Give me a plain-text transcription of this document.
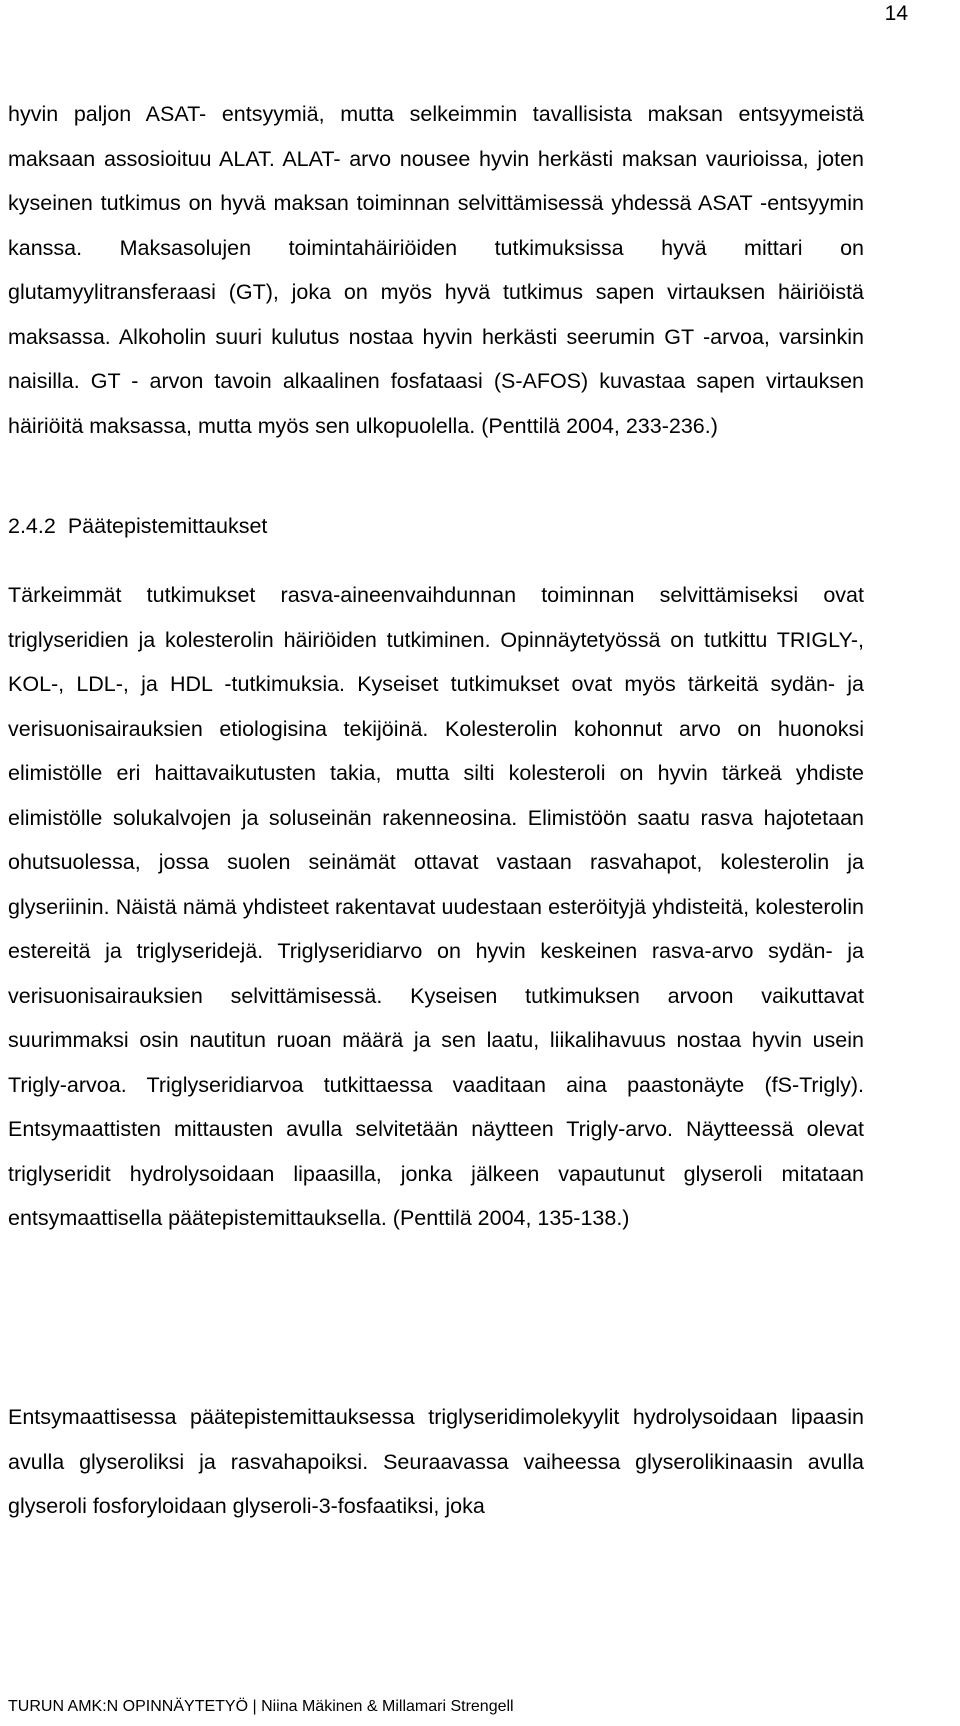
14

hyvin paljon ASAT- entsyymiä, mutta selkeimmin tavallisista maksan entsyymeistä maksaan assosioituu ALAT. ALAT- arvo nousee hyvin herkästi maksan vaurioissa, joten kyseinen tutkimus on hyvä maksan toiminnan selvittämisessä yhdessä ASAT -entsyymin kanssa. Maksasolujen toimintahäiriöiden tutkimuksissa hyvä mittari on glutamyylitransferaasi (GT), joka on myös hyvä tutkimus sapen virtauksen häiriöistä maksassa. Alkoholin suuri kulutus nostaa hyvin herkästi seerumin GT -arvoa, varsinkin naisilla. GT - arvon tavoin alkaalinen fosfataasi (S-AFOS) kuvastaa sapen virtauksen häiriöitä maksassa, mutta myös sen ulkopuolella. (Penttilä 2004, 233-236.)

2.4.2 Päätepistemittaukset

Tärkeimmät tutkimukset rasva-aineenvaihdunnan toiminnan selvittämiseksi ovat triglyseridien ja kolesterolin häiriöiden tutkiminen. Opinnäytetyössä on tutkittu TRIGLY-, KOL-, LDL-, ja HDL -tutkimuksia. Kyseiset tutkimukset ovat myös tärkeitä sydän- ja verisuonisairauksien etiologisina tekijöinä. Kolesterolin kohonnut arvo on huonoksi elimistölle eri haittavaikutusten takia, mutta silti kolesteroli on hyvin tärkeä yhdiste elimistölle solukalvojen ja soluseinän rakenneosina. Elimistöön saatu rasva hajotetaan ohutsuolessa, jossa suolen seinämät ottavat vastaan rasvahapot, kolesterolin ja glyseriinin. Näistä nämä yhdisteet rakentavat uudestaan esteröityjä yhdisteitä, kolesterolin estereitä ja triglyseridejä. Triglyseridiarvo on hyvin keskeinen rasva-arvo sydän- ja verisuonisairauksien selvittämisessä. Kyseisen tutkimuksen arvoon vaikuttavat suurimmaksi osin nautitun ruoan määrä ja sen laatu, liikalihavuus nostaa hyvin usein Trigly-arvoa. Triglyseridiarvoa tutkittaessa vaaditaan aina paastonäyte (fS-Trigly). Entsymaattisten mittausten avulla selvitetään näytteen Trigly-arvo. Näytteessä olevat triglyseridit hydrolysoidaan lipaasilla, jonka jälkeen vapautunut glyseroli mitataan entsymaattisella päätepistemittauksella. (Penttilä 2004, 135-138.)

Entsymaattisessa päätepistemittauksessa triglyseridimolekyylit hydrolysoidaan lipaasin avulla glyseroliksi ja rasvahapoiksi. Seuraavassa vaiheessa glyserolikinaasin avulla glyseroli fosforyloidaan glyseroli-3-fosfaatiksi, joka

TURUN AMK:N OPINNÄYTETYÖ | Niina Mäkinen & Millamari Strengell
